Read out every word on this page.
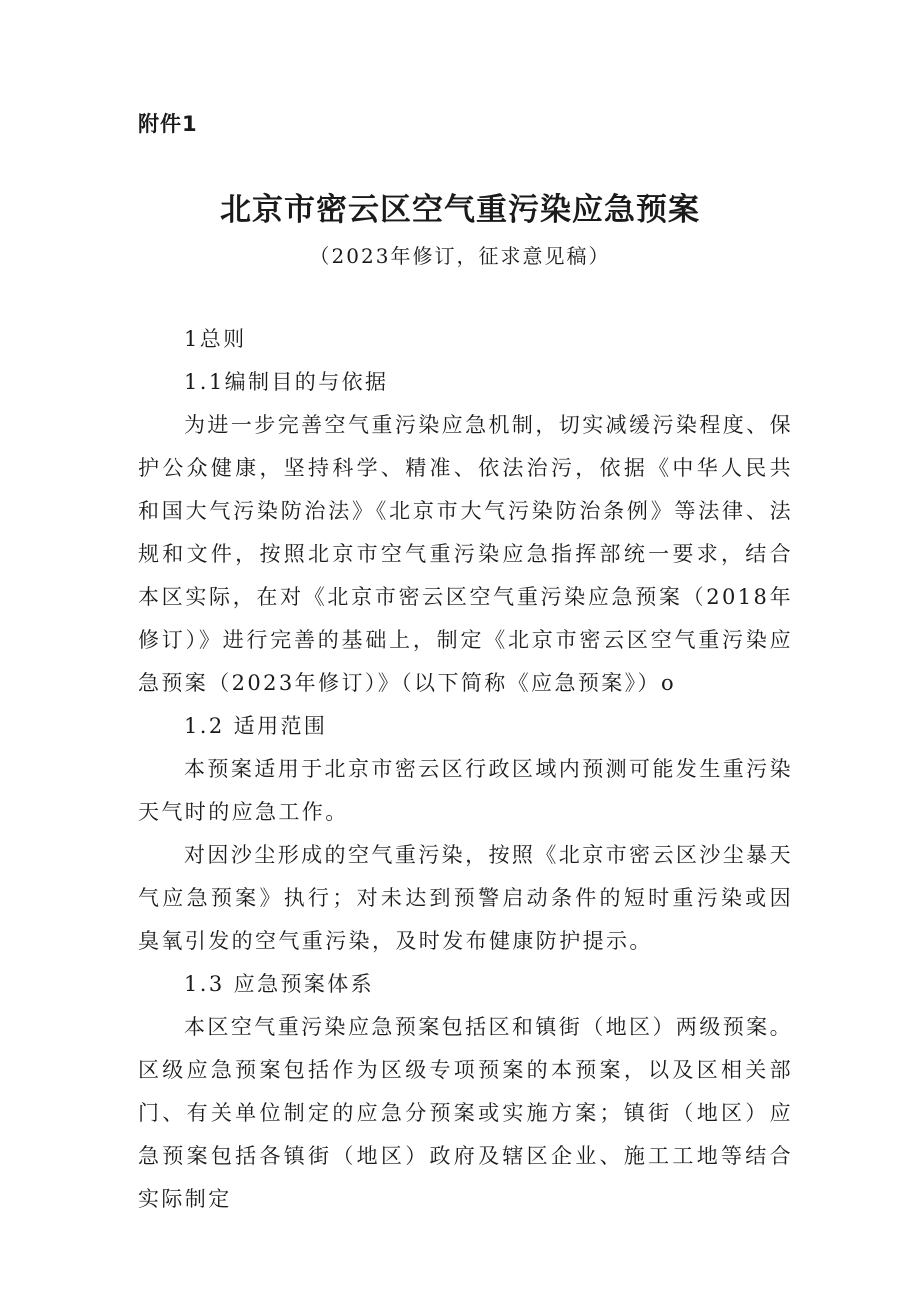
附件1

北京市密云区空气重污染应急预案

（2023年修订，征求意见稿）

1总则

1.1编制目的与依据

为进一步完善空气重污染应急机制，切实减缓污染程度、保护公众健康，坚持科学、精准、依法治污，依据《中华人民共和国大气污染防治法》《北京市大气污染防治条例》等法律、法规和文件，按照北京市空气重污染应急指挥部统一要求，结合本区实际，在对《北京市密云区空气重污染应急预案（2018年修订）》进行完善的基础上，制定《北京市密云区空气重污染应急预案（2023年修订）》（以下简称《应急预案》）o

1.2 适用范围

本预案适用于北京市密云区行政区域内预测可能发生重污染天气时的应急工作。

对因沙尘形成的空气重污染，按照《北京市密云区沙尘暴天气应急预案》执行；对未达到预警启动条件的短时重污染或因臭氧引发的空气重污染，及时发布健康防护提示。

1.3 应急预案体系

本区空气重污染应急预案包括区和镇街（地区）两级预案。区级应急预案包括作为区级专项预案的本预案，以及区相关部门、有关单位制定的应急分预案或实施方案；镇街（地区）应急预案包括各镇街（地区）政府及辖区企业、施工工地等结合实际制定
